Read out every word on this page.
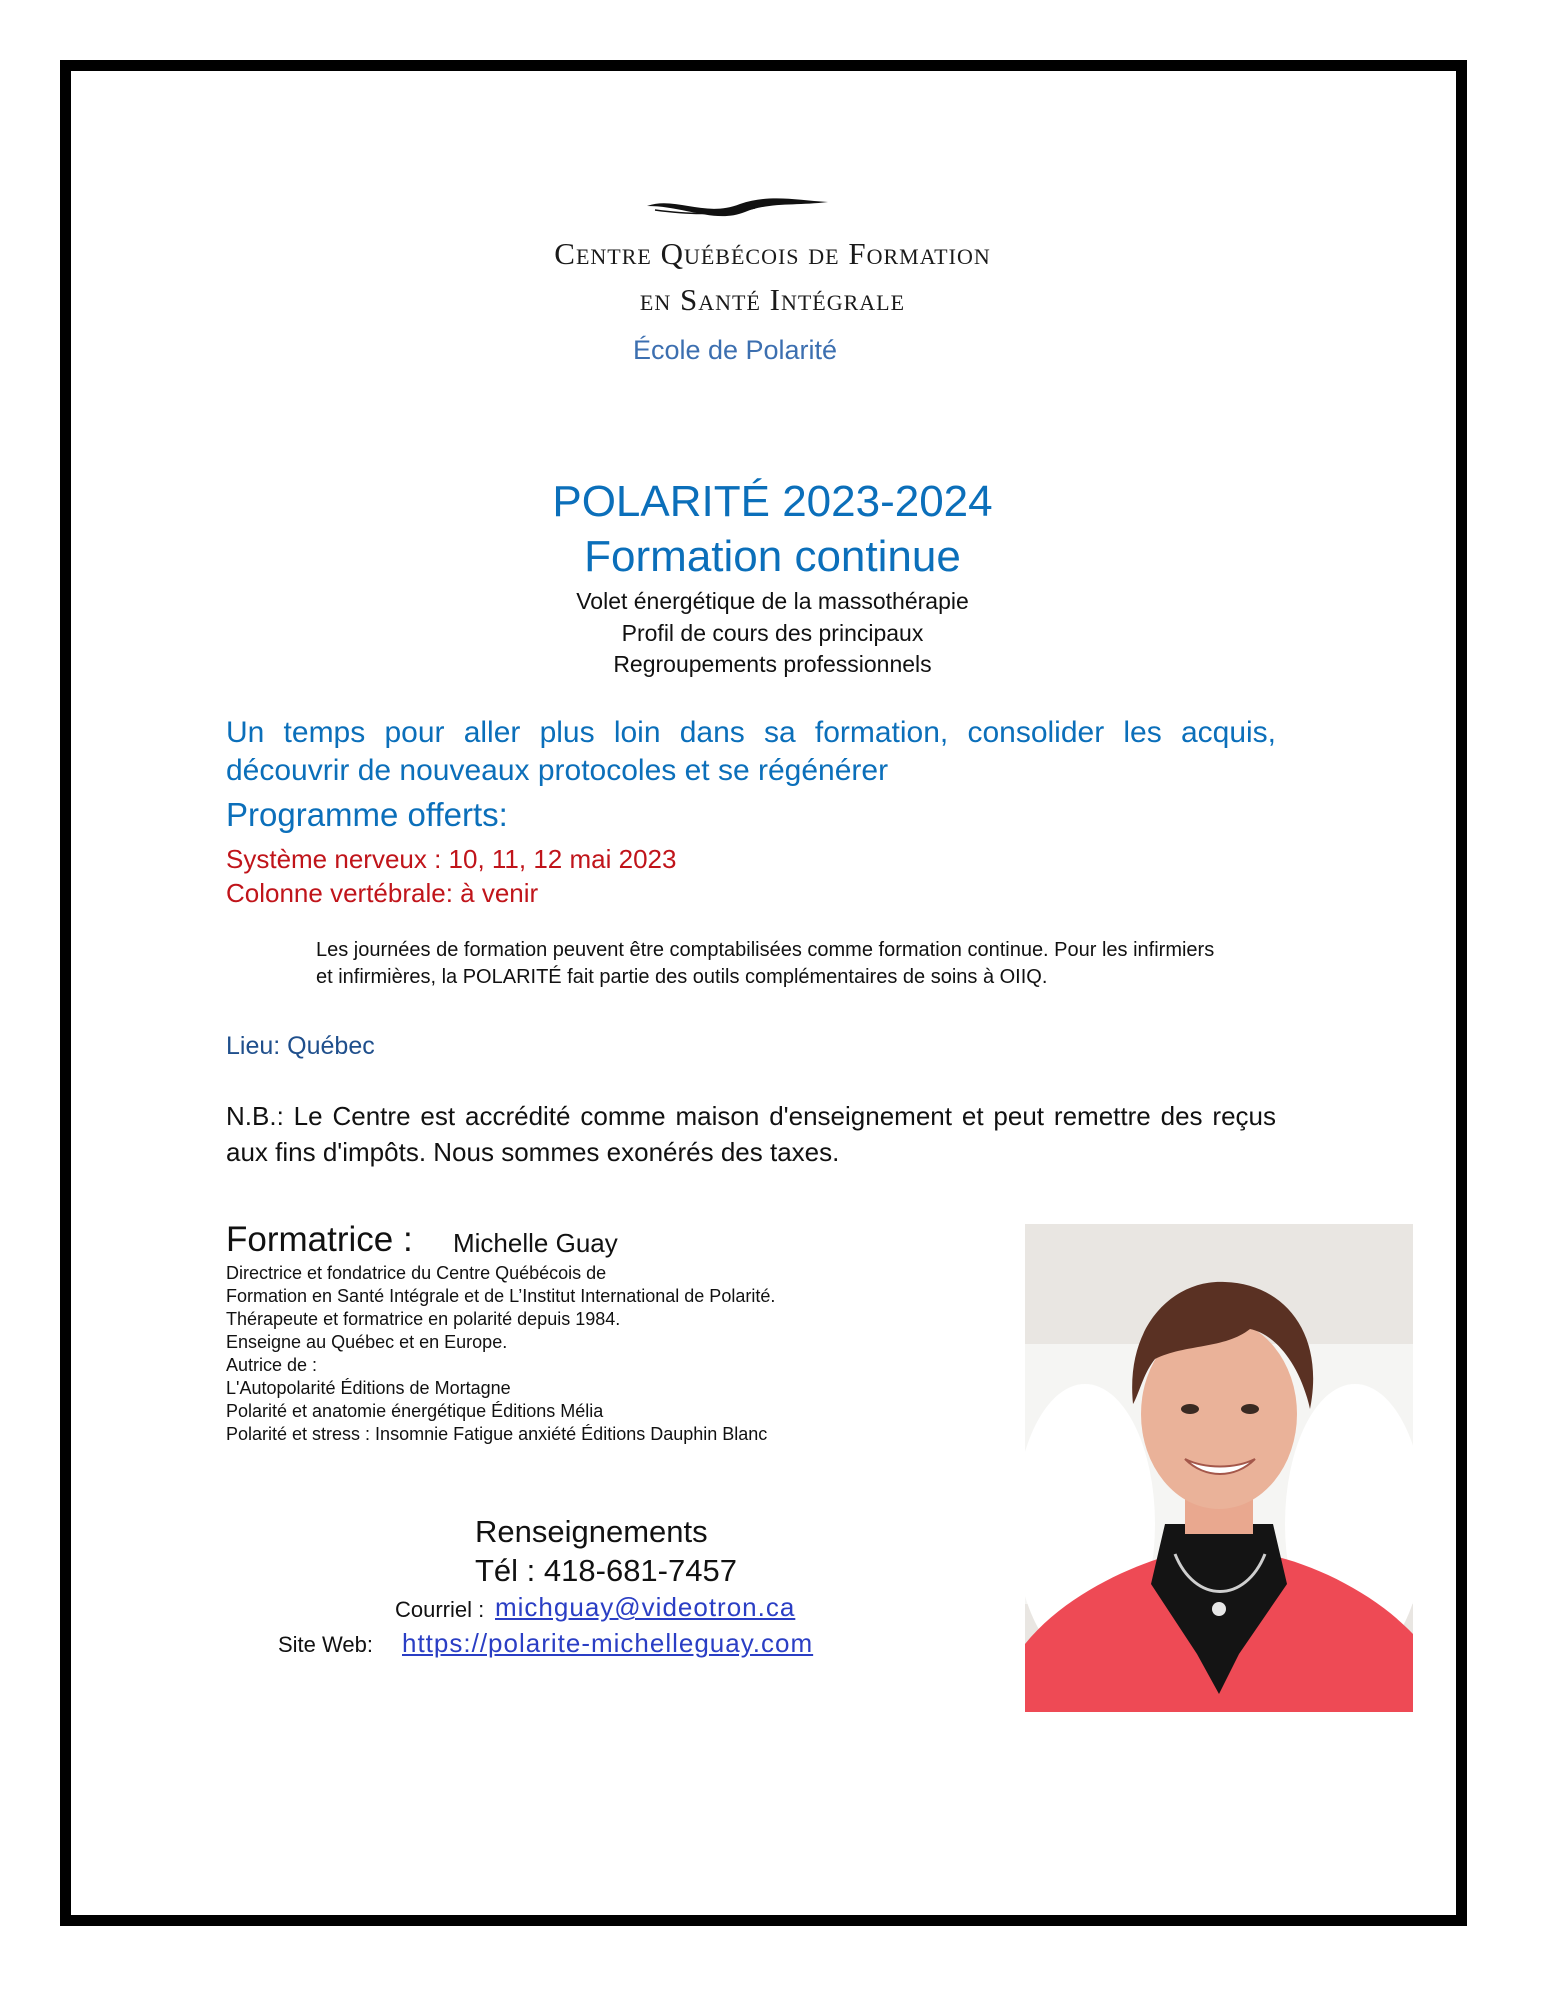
Centre Québécois de Formation
en Santé Intégrale
École de Polarité
POLARITÉ 2023-2024
Formation continue
Volet énergétique de la massothérapie
Profil de cours des principaux
Regroupements professionnels
Un temps pour aller plus loin dans sa formation, consolider les acquis, découvrir de nouveaux protocoles et se régénérer
Programme offerts:
Système nerveux : 10, 11, 12 mai 2023
Colonne vertébrale: à venir
Les journées de formation peuvent être comptabilisées comme formation continue. Pour les infirmiers et infirmières, la POLARITÉ fait partie des outils complémentaires de soins à OIIQ.
Lieu: Québec
N.B.: Le Centre est accrédité comme maison d'enseignement et peut remettre des reçus aux fins d'impôts. Nous sommes exonérés des taxes.
Formatrice : Michelle Guay
Directrice et fondatrice du Centre Québécois de
Formation en Santé Intégrale et de L’Institut International de Polarité.
Thérapeute et formatrice en polarité depuis 1984.
Enseigne au Québec et en Europe.
Autrice de :
L'Autopolarité Éditions de Mortagne
Polarité et anatomie énergétique Éditions Mélia
Polarité et stress : Insomnie Fatigue anxiété Éditions Dauphin Blanc
Renseignements
Tél : 418-681-7457
Courriel : michguay@videotron.ca
Site Web: https://polarite-michelleguay.com
